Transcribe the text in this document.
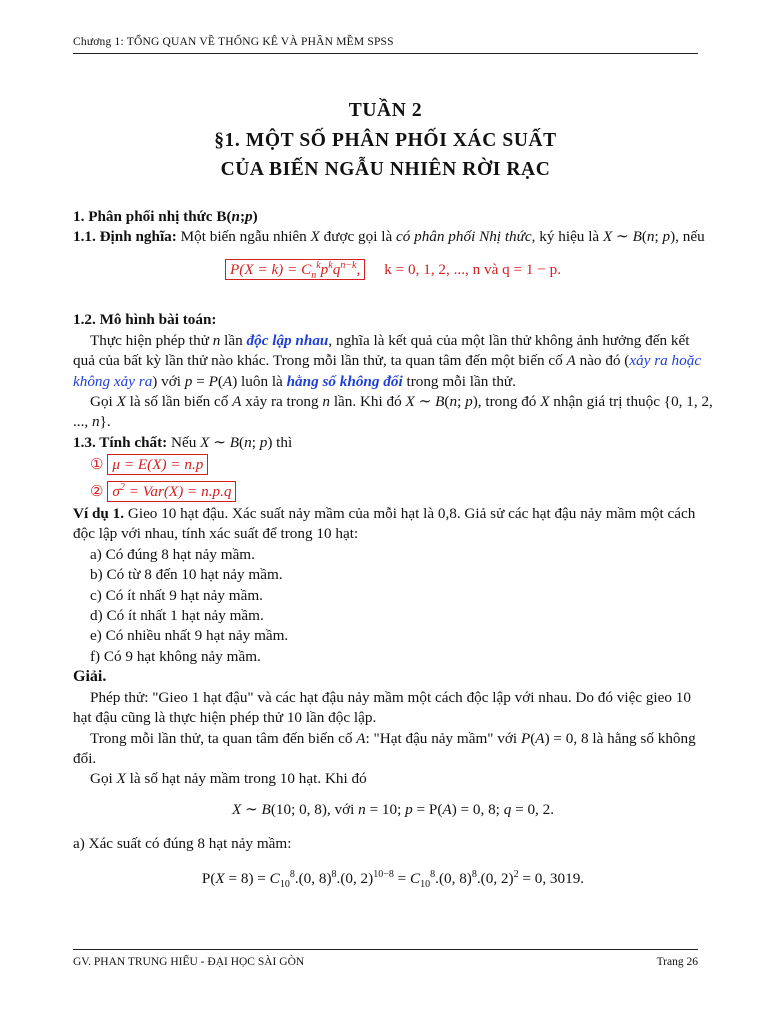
Chương 1: TỔNG QUAN VỀ THỐNG KÊ VÀ PHẦN MỀM SPSS
TUẦN 2
§1. MỘT SỐ PHÂN PHỐI XÁC SUẤT
CỦA BIẾN NGẪU NHIÊN RỜI RẠC

1. Phân phối nhị thức B(n;p)

1.1. Định nghĩa: Một biến ngẫu nhiên X được gọi là có phân phối Nhị thức, ký hiệu là X ∼ B(n; p), nếu

$P(X = k) = C_n^kp^kq^{n-k}$, k = 0, 1, 2, ..., n và q = 1 − p.

1.2. Mô hình bài toán:

Thực hiện phép thử n lần độc lập nhau, nghĩa là kết quả của một lần thử không ảnh hưởng đến kết quả của bất kỳ lần thử nào khác. Trong mỗi lần thử, ta quan tâm đến một biến cố A nào đó (xảy ra hoặc không xảy ra) với p = P(A) luôn là hằng số không đổi trong mỗi lần thử.

Gọi X là số lần biến cố A xảy ra trong n lần. Khi đó X ∼ B(n; p), trong đó X nhận giá trị thuộc {0, 1, 2, ..., n}.

1.3. Tính chất: Nếu X ∼ B(n; p) thì

① μ = E(X) = n.p

② $\sigma^2 = Var(X) = n.p.q$

Ví dụ 1. Gieo 10 hạt đậu. Xác suất nảy mầm của mỗi hạt là 0,8. Giả sử các hạt đậu nảy mầm một cách độc lập với nhau, tính xác suất để trong 10 hạt:

a) Có đúng 8 hạt nảy mầm.

b) Có từ 8 đến 10 hạt nảy mầm.

c) Có ít nhất 9 hạt nảy mầm.

d) Có ít nhất 1 hạt nảy mầm.

e) Có nhiều nhất 9 hạt nảy mầm.

f) Có 9 hạt không nảy mầm.

Giải.

Phép thử: "Gieo 1 hạt đậu" và các hạt đậu nảy mầm một cách độc lập với nhau. Do đó việc gieo 10 hạt đậu cũng là thực hiện phép thử 10 lần độc lập.

Trong mỗi lần thử, ta quan tâm đến biến cố A: "Hạt đậu nảy mầm" với P(A) = 0, 8 là hằng số không đổi.

Gọi X là số hạt nảy mầm trong 10 hạt. Khi đó

X ∼ B(10; 0, 8), với n = 10; p = P(A) = 0, 8; q = 0, 2.

a) Xác suất có đúng 8 hạt nảy mầm:

$P(X = 8) = C_{10}^8.(0$, 8)$^8$.(0, $2)^{10-8} = C_{10}^8.(0$, 8)$^8$.(0, 2)$^2$ = 0, 3019.
GV. PHAN TRUNG HIẾU - ĐẠI HỌC SÀI GÒN	Trang 26
